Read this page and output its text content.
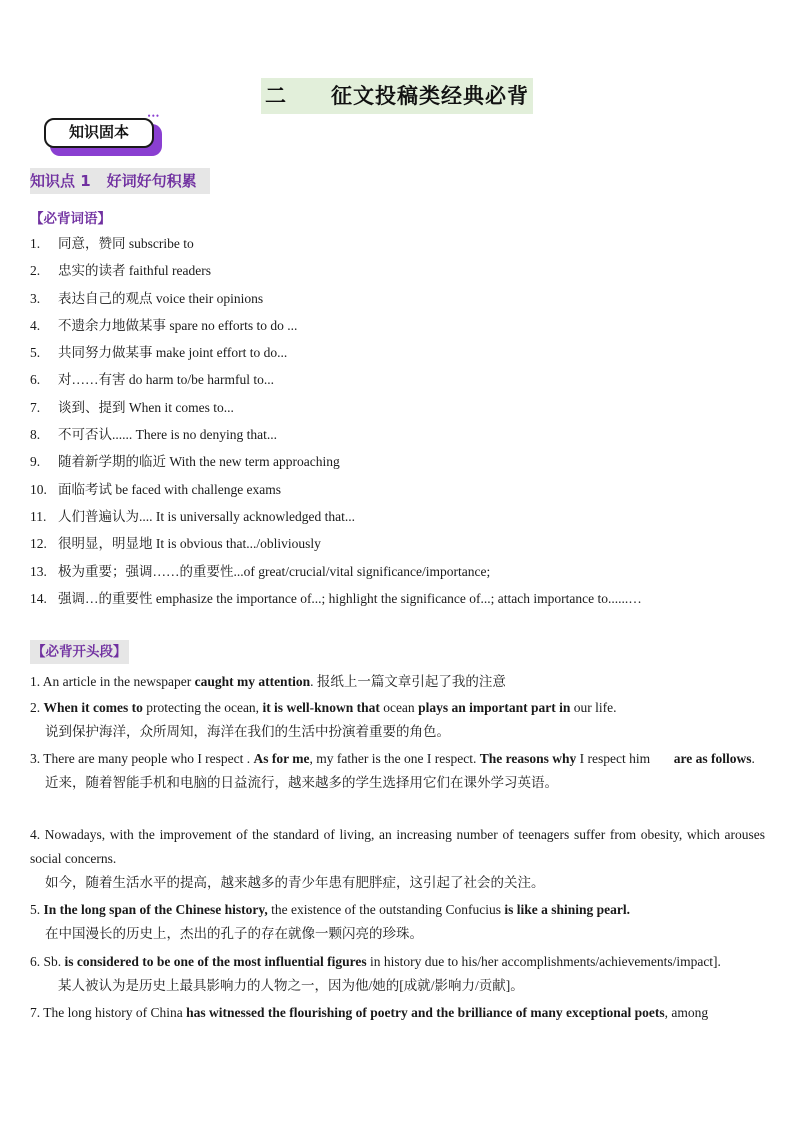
二 征文投稿类经典必背
知识固本
•••
知识点 1 好词好句积累
【必背词语】
1. 同意，赞同 subscribe to
2. 忠实的读者 faithful readers
3. 表达自己的观点 voice their opinions
4. 不遗余力地做某事 spare no efforts to do ...
5. 共同努力做某事 make joint effort to do...
6. 对……有害 do harm to/be harmful to...
7. 谈到、提到 When it comes to...
8. 不可否认...... There is no denying that...
9. 随着新学期的临近 With the new term approaching
10. 面临考试 be faced with challenge exams
11. 人们普遍认为.... It is universally acknowledged that...
12. 很明显，明显地 It is obvious that.../obliviously
13. 极为重要；强调……的重要性...of great/crucial/vital significance/importance;
14. 强调…的重要性 emphasize the importance of...; highlight the significance of...; attach importance to......…
【必背开头段】
1. An article in the newspaper caught my attention. 报纸上一篇文章引起了我的注意
2. When it comes to protecting the ocean, it is well-known that ocean plays an important part in our life.
说到保护海洋，众所周知，海洋在我们的生活中扮演着重要的角色。
3. There are many people who I respect . As for me, my father is the one I respect. The reasons why I respect him       are as follows.
近来，随着智能手机和电脑的日益流行，越来越多的学生选择用它们在课外学习英语。
4. Nowadays, with the improvement of the standard of living, an increasing number of teenagers suffer from obesity, which arouses social concerns.
如今，随着生活水平的提高，越来越多的青少年患有肥胖症，这引起了社会的关注。
5. In the long span of the Chinese history, the existence of the outstanding Confucius is like a shining pearl.
在中国漫长的历史上，杰出的孔子的存在就像一颗闪亮的珍珠。
6. Sb. is considered to be one of the most influential figures in history due to his/her accomplishments/achievements/impact].
某人被认为是历史上最具影响力的人物之一，因为他/她的[成就/影响力/贡献]。
7. The long history of China has witnessed the flourishing of poetry and the brilliance of many exceptional poets, among
